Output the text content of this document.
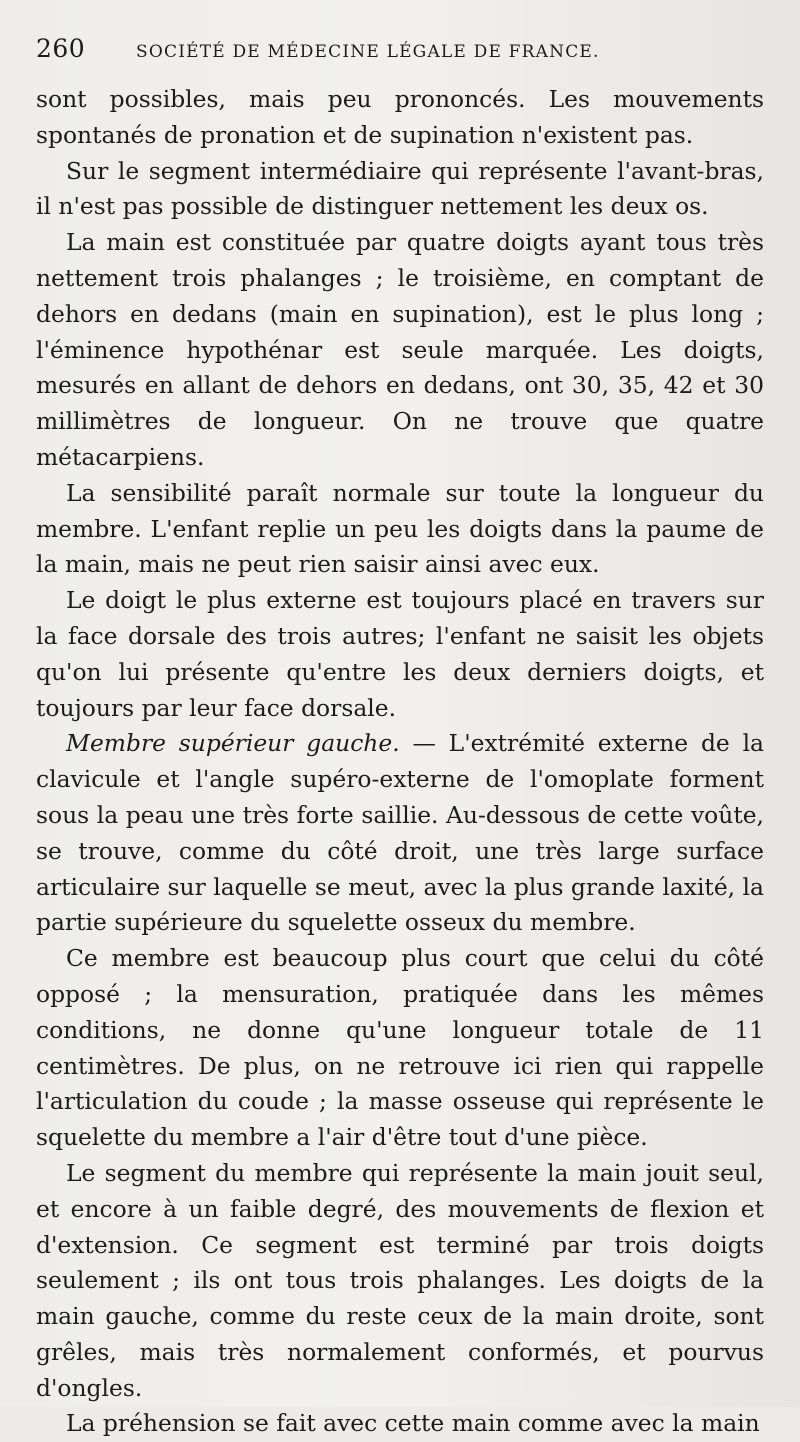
260	SOCIÉTÉ DE MÉDECINE LÉGALE DE FRANCE.

sont possibles, mais peu prononcés. Les mouvements spontanés de pronation et de supination n'existent pas.

Sur le segment intermédiaire qui représente l'avant-bras, il n'est pas possible de distinguer nettement les deux os.

La main est constituée par quatre doigts ayant tous très nettement trois phalanges ; le troisième, en comptant de dehors en dedans (main en supination), est le plus long ; l'éminence hypothénar est seule marquée. Les doigts, mesurés en allant de dehors en dedans, ont 30, 35, 42 et 30 millimètres de longueur. On ne trouve que quatre métacarpiens.

La sensibilité paraît normale sur toute la longueur du membre. L'enfant replie un peu les doigts dans la paume de la main, mais ne peut rien saisir ainsi avec eux.

Le doigt le plus externe est toujours placé en travers sur la face dorsale des trois autres; l'enfant ne saisit les objets qu'on lui présente qu'entre les deux derniers doigts, et toujours par leur face dorsale.

Membre supérieur gauche. — L'extrémité externe de la clavicule et l'angle supéro-externe de l'omoplate forment sous la peau une très forte saillie. Au-dessous de cette voûte, se trouve, comme du côté droit, une très large surface articulaire sur laquelle se meut, avec la plus grande laxité, la partie supérieure du squelette osseux du membre.

Ce membre est beaucoup plus court que celui du côté opposé ; la mensuration, pratiquée dans les mêmes conditions, ne donne qu'une longueur totale de 11 centimètres. De plus, on ne retrouve ici rien qui rappelle l'articulation du coude ; la masse osseuse qui représente le squelette du membre a l'air d'être tout d'une pièce.

Le segment du membre qui représente la main jouit seul, et encore à un faible degré, des mouvements de flexion et d'extension. Ce segment est terminé par trois doigts seulement ; ils ont tous trois phalanges. Les doigts de la main gauche, comme du reste ceux de la main droite, sont grêles, mais très normalement conformés, et pourvus d'ongles.

La préhension se fait avec cette main comme avec la main
